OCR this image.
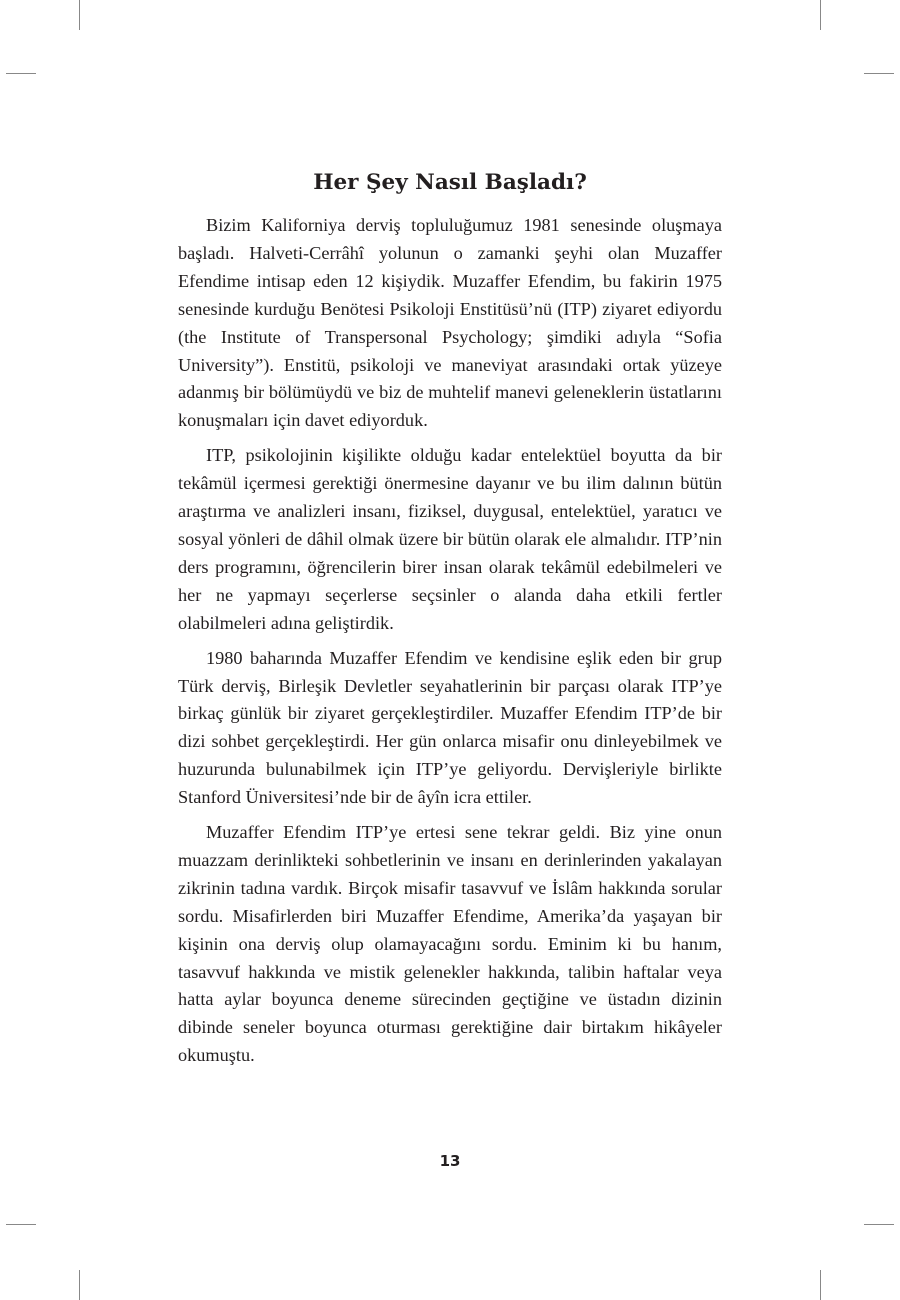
Her Şey Nasıl Başladı?

Bizim Kaliforniya derviş topluluğumuz 1981 senesinde oluşmaya başladı. Halveti-Cerrâhî yolunun o zamanki şeyhi olan Muzaffer Efendime intisap eden 12 kişiydik. Muzaffer Efendim, bu fakirin 1975 senesinde kurduğu Benötesi Psikoloji Enstitüsü’nü (ITP) ziyaret ediyordu (the Institute of Transpersonal Psychology; şimdiki adıyla “Sofia University”). Enstitü, psikoloji ve maneviyat arasındaki ortak yüzeye adanmış bir bölümüydü ve biz de muhtelif manevi geleneklerin üstatlarını konuşmaları için davet ediyorduk.

ITP, psikolojinin kişilikte olduğu kadar entelektüel boyutta da bir tekâmül içermesi gerektiği önermesine dayanır ve bu ilim dalının bütün araştırma ve analizleri insanı, fiziksel, duygusal, entelektüel, yaratıcı ve sosyal yönleri de dâhil olmak üzere bir bütün olarak ele almalıdır. ITP’nin ders programını, öğrencilerin birer insan olarak tekâmül edebilmeleri ve her ne yapmayı seçerlerse seçsinler o alanda daha etkili fertler olabilmeleri adına geliştirdik.

1980 baharında Muzaffer Efendim ve kendisine eşlik eden bir grup Türk derviş, Birleşik Devletler seyahatlerinin bir parçası olarak ITP’ye birkaç günlük bir ziyaret gerçekleştirdiler. Muzaffer Efendim ITP’de bir dizi sohbet gerçekleştirdi. Her gün onlarca misafir onu dinleyebilmek ve huzurunda bulunabilmek için ITP’ye geliyordu. Dervişleriyle birlikte Stanford Üniversitesi’nde bir de âyîn icra ettiler.

Muzaffer Efendim ITP’ye ertesi sene tekrar geldi. Biz yine onun muazzam derinlikteki sohbetlerinin ve insanı en derinlerinden yakalayan zikrinin tadına vardık. Birçok misafir tasavvuf ve İslâm hakkında sorular sordu. Misafirlerden biri Muzaffer Efendime, Amerika’da yaşayan bir kişinin ona derviş olup olamayacağını sordu. Eminim ki bu hanım, tasavvuf hakkında ve mistik gelenekler hakkında, talibin haftalar veya hatta aylar boyunca deneme sürecinden geçtiğine ve üstadın dizinin dibinde seneler boyunca oturması gerektiğine dair birtakım hikâyeler okumuştu.

13
